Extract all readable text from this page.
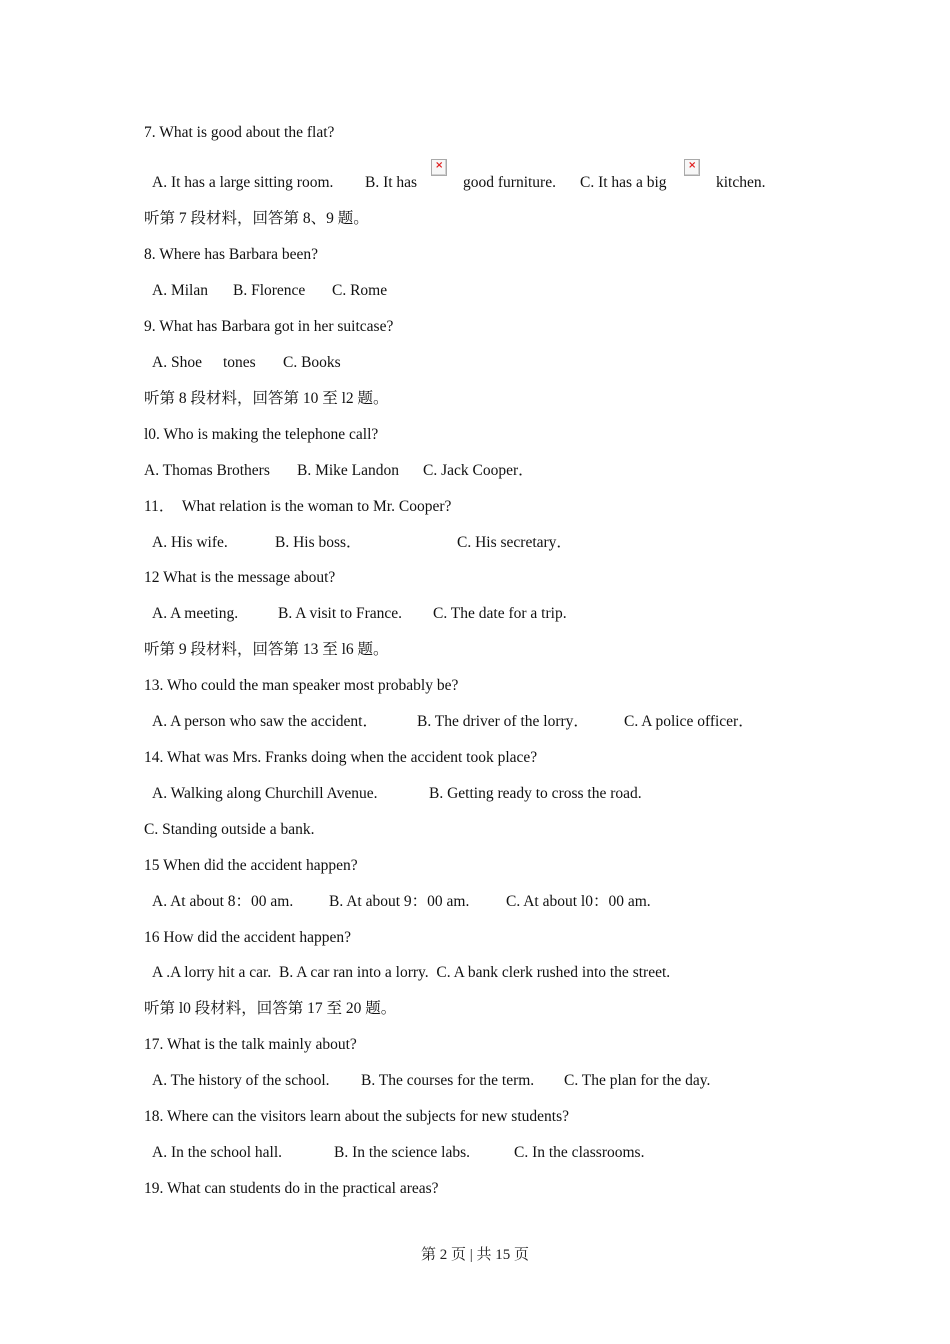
7. What is good about the flat?
A. It has a large sitting room. B. It has
×
good furniture. C. It has a big
×
kitchen.
听第 7 段材料，回答第 8、9 题。
8. Where has Barbara been?
A. Milan B. Florence C. Rome
9. What has Barbara got in her suitcase?
A. Shoe tones C. Books
听第 8 段材料，回答第 10 至 l2 题。
l0. Who is making the telephone call?
A. Thomas Brothers B. Mike Landon C. Jack Cooper．
11．  What relation is the woman to Mr. Cooper?
A. His wife.	B. His boss．	C. His secretary．
12 What is the message about?
A. A meeting.	B. A visit to France. C. The date for a trip.
听第 9 段材料，回答第 13 至 l6 题。
13. Who could the man speaker most probably be?
A. A person who saw the accident．	B. The driver of the lorry． C. A police officer．
14. What was Mrs. Franks doing when the accident took place?
A. Walking along Churchill Avenue.	B. Getting ready to cross the road.
C. Standing outside a bank.
15 When did the accident happen?
A. At about 8：00 am. B. At about 9：00 am. C. At about l0：00 am.
16 How did the accident happen?
A .A lorry hit a car.  B. A car ran into a lorry.  C. A bank clerk rushed into the street.
听第 l0 段材料，回答第 17 至 20 题。
17. What is the talk mainly about?
A. The history of the school. B. The courses for the term. C. The plan for the day.
18. Where can the visitors learn about the subjects for new students?
A. In the school hall.	B. In the science labs.	C. In the classrooms.
19. What can students do in the practical areas?
第 2 页 | 共 15 页
